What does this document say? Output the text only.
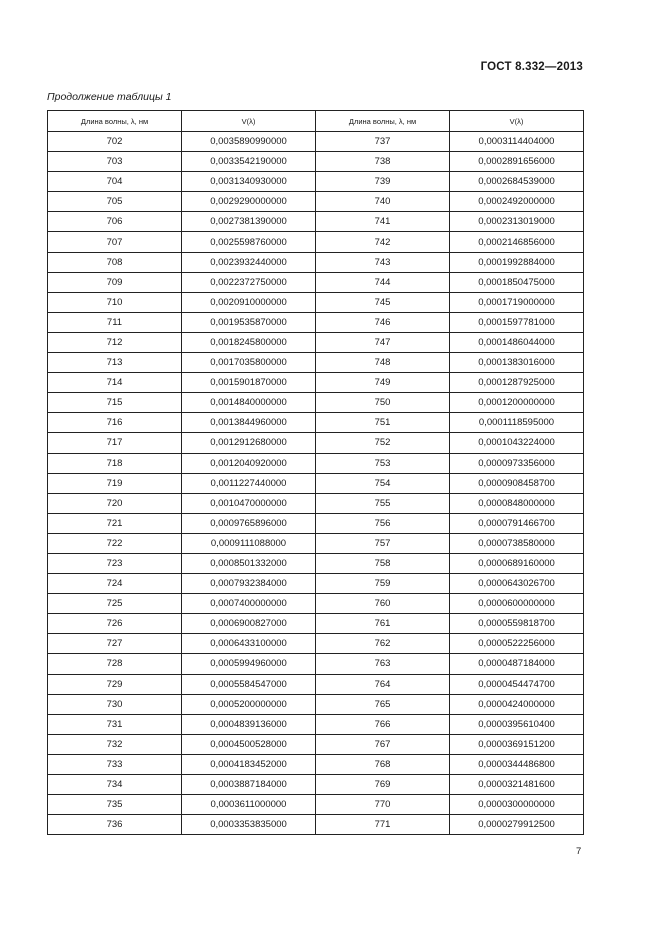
ГОСТ 8.332—2013
Продолжение таблицы 1
Длина волны, λ, нм	V(λ)	Длина волны, λ, нм	V(λ)
702	0,0035890990000	737	0,0003114404000
703	0,0033542190000	738	0,0002891656000
704	0,0031340930000	739	0,0002684539000
705	0,0029290000000	740	0,0002492000000
706	0,0027381390000	741	0,0002313019000
707	0,0025598760000	742	0,0002146856000
708	0,0023932440000	743	0,0001992884000
709	0,0022372750000	744	0,0001850475000
710	0,0020910000000	745	0,0001719000000
711	0,0019535870000	746	0,0001597781000
712	0,0018245800000	747	0,0001486044000
713	0,0017035800000	748	0,0001383016000
714	0,0015901870000	749	0,0001287925000
715	0,0014840000000	750	0,0001200000000
716	0,0013844960000	751	0,0001118595000
717	0,0012912680000	752	0,0001043224000
718	0,0012040920000	753	0,0000973356000
719	0,0011227440000	754	0,0000908458700
720	0,0010470000000	755	0,0000848000000
721	0,0009765896000	756	0,0000791466700
722	0,0009111088000	757	0,0000738580000
723	0,0008501332000	758	0,0000689160000
724	0,0007932384000	759	0,0000643026700
725	0,0007400000000	760	0,0000600000000
726	0,0006900827000	761	0,0000559818700
727	0,0006433100000	762	0,0000522256000
728	0,0005994960000	763	0,0000487184000
729	0,0005584547000	764	0,0000454474700
730	0,0005200000000	765	0,0000424000000
731	0,0004839136000	766	0,0000395610400
732	0,0004500528000	767	0,0000369151200
733	0,0004183452000	768	0,0000344486800
734	0,0003887184000	769	0,0000321481600
735	0,0003611000000	770	0,0000300000000
736	0,0003353835000	771	0,0000279912500
7
